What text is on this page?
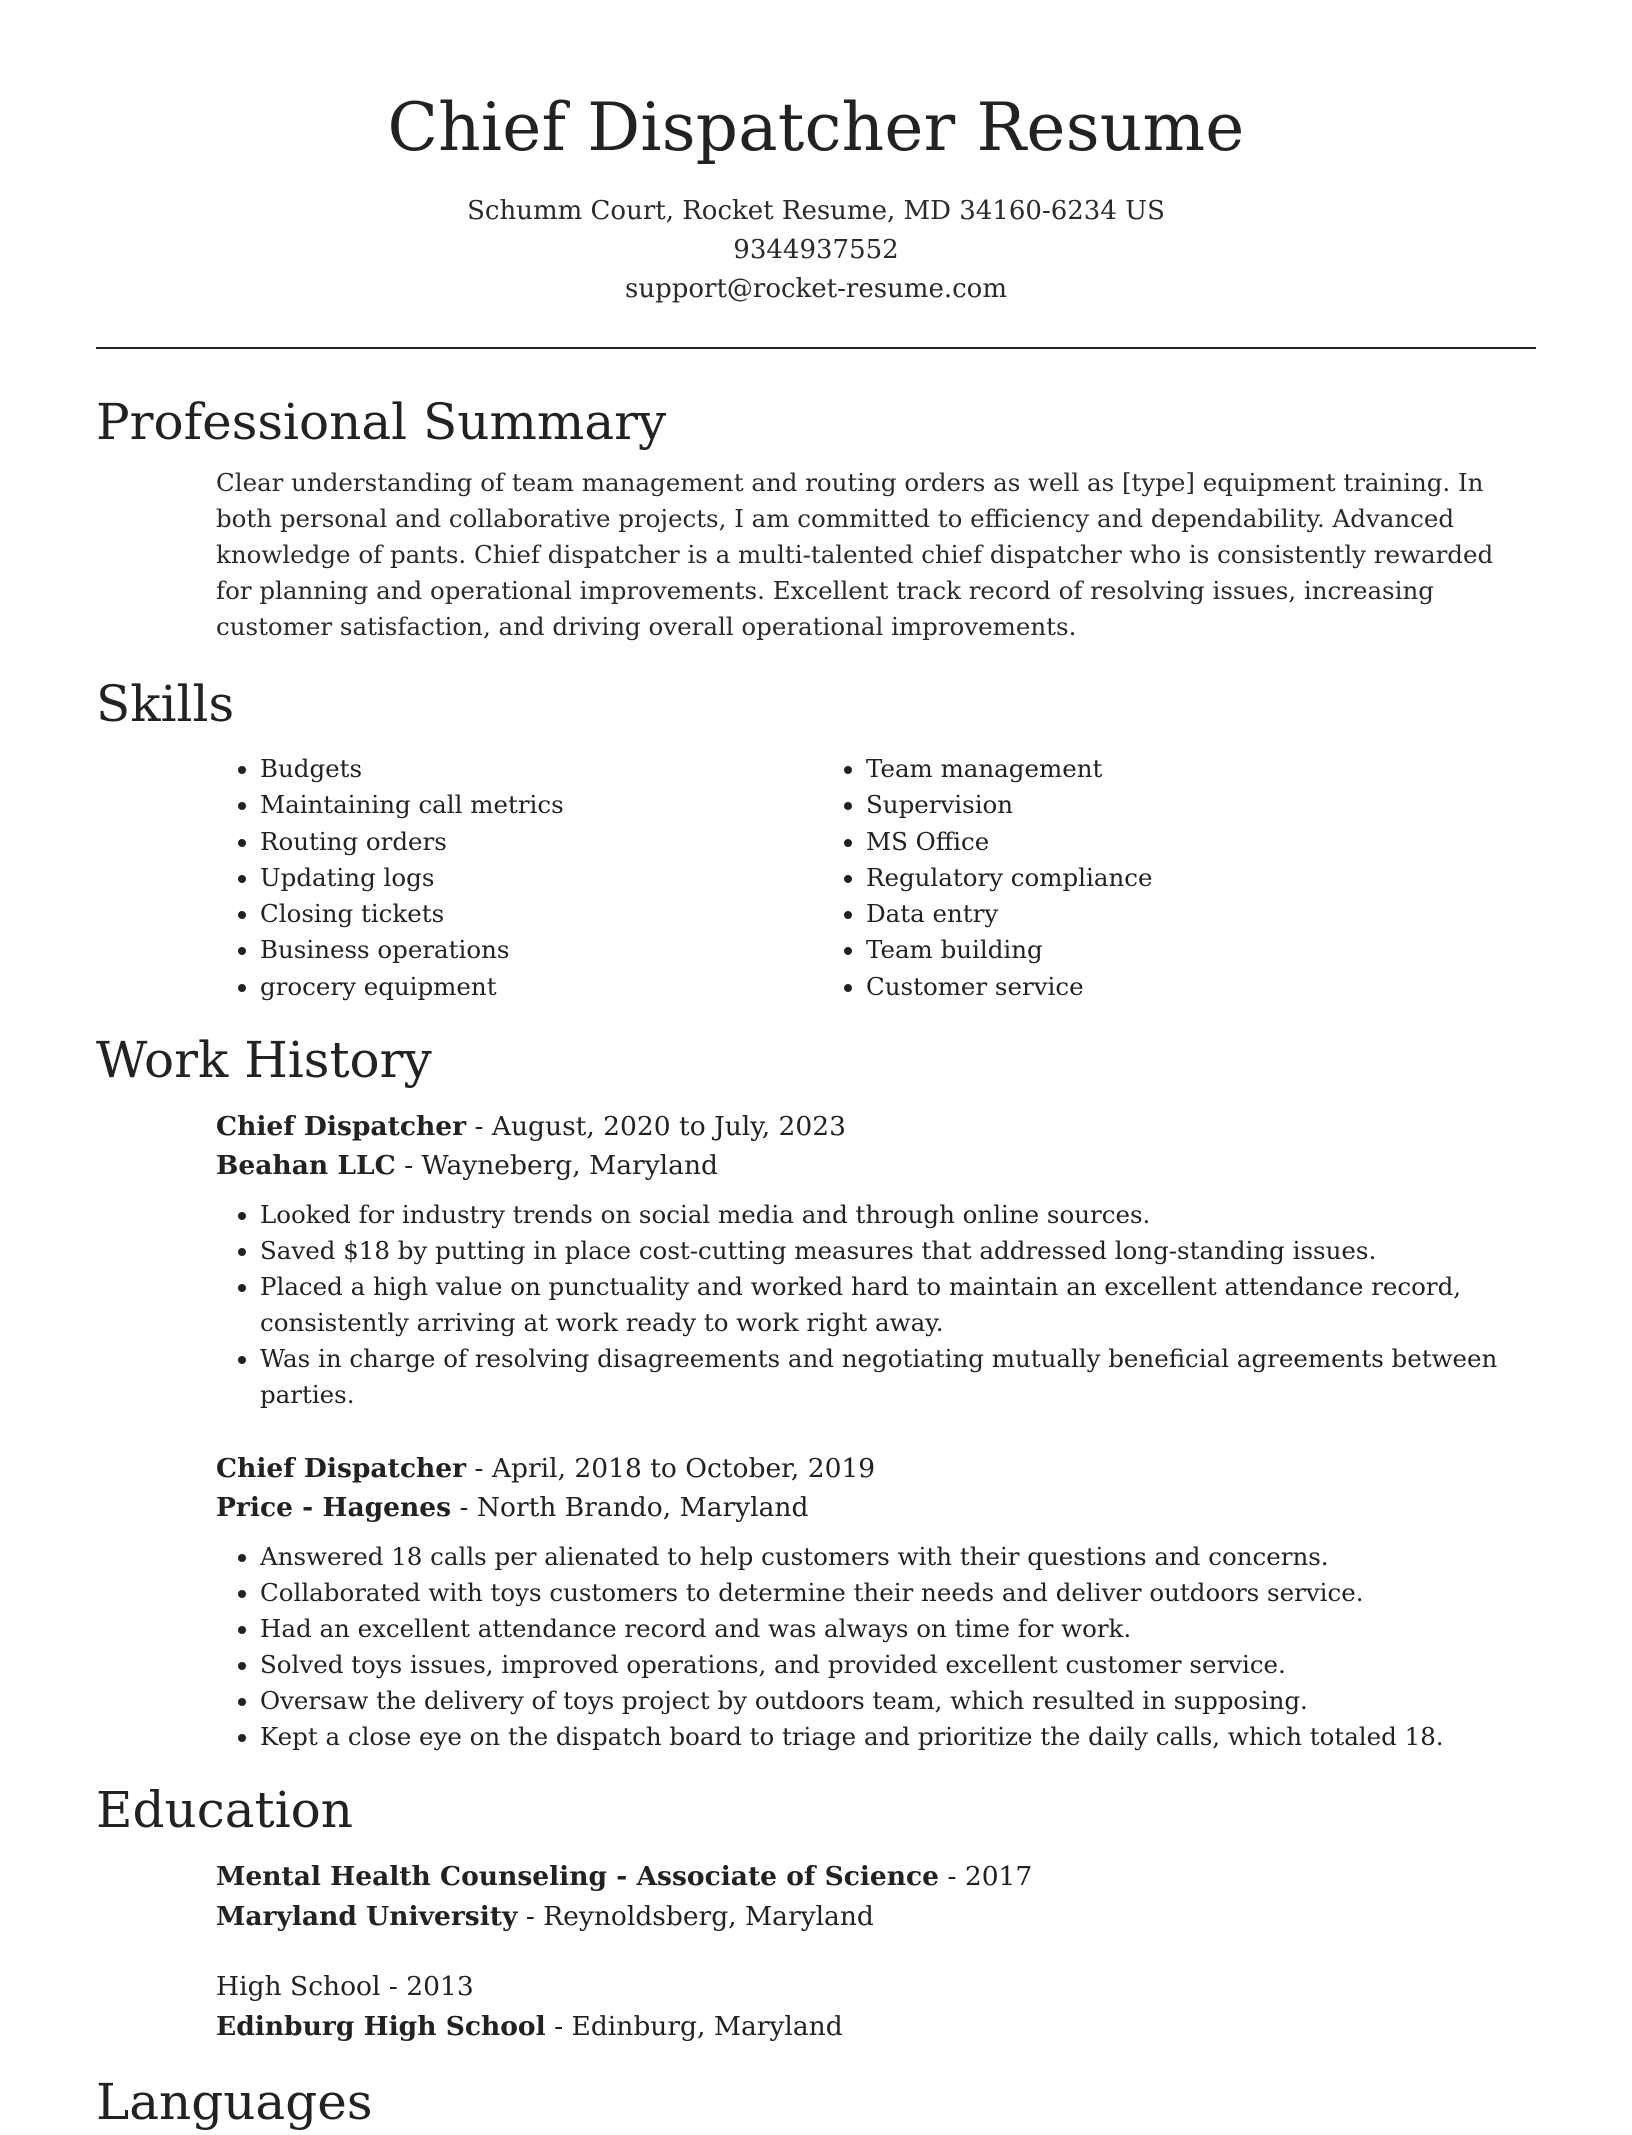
Chief Dispatcher Resume
Schumm Court, Rocket Resume, MD 34160-6234 US
9344937552
support@rocket-resume.com
Professional Summary

Clear understanding of team management and routing orders as well as [type] equipment training. In both personal and collaborative projects, I am committed to efficiency and dependability. Advanced knowledge of pants. Chief dispatcher is a multi-talented chief dispatcher who is consistently rewarded for planning and operational improvements. Excellent track record of resolving issues, increasing customer satisfaction, and driving overall operational improvements.

Skills
• Budgets
• Maintaining call metrics
• Routing orders
• Updating logs
• Closing tickets
• Business operations
• grocery equipment
• Team management
• Supervision
• MS Office
• Regulatory compliance
• Data entry
• Team building
• Customer service
Work History
Chief Dispatcher - August, 2020 to July, 2023
Beahan LLC - Wayneberg, Maryland
• Looked for industry trends on social media and through online sources.
• Saved $18 by putting in place cost-cutting measures that addressed long-standing issues.
• Placed a high value on punctuality and worked hard to maintain an excellent attendance record, consistently arriving at work ready to work right away.
• Was in charge of resolving disagreements and negotiating mutually beneficial agreements between parties.
Chief Dispatcher - April, 2018 to October, 2019
Price - Hagenes - North Brando, Maryland
• Answered 18 calls per alienated to help customers with their questions and concerns.
• Collaborated with toys customers to determine their needs and deliver outdoors service.
• Had an excellent attendance record and was always on time for work.
• Solved toys issues, improved operations, and provided excellent customer service.
• Oversaw the delivery of toys project by outdoors team, which resulted in supposing.
• Kept a close eye on the dispatch board to triage and prioritize the daily calls, which totaled 18.
Education
Mental Health Counseling - Associate of Science - 2017
Maryland University - Reynoldsberg, Maryland
High School - 2013
Edinburg High School - Edinburg, Maryland
Languages
